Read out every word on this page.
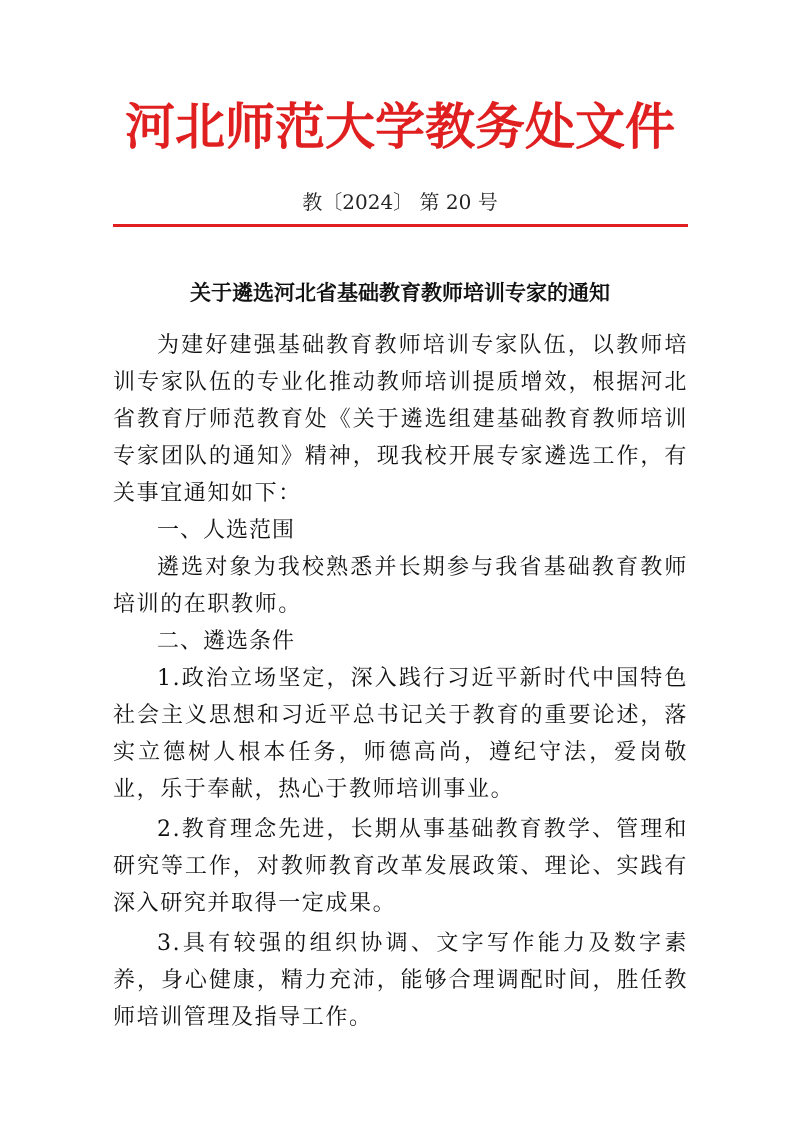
河北师范大学教务处文件
教〔2024〕 第 20 号
关于遴选河北省基础教育教师培训专家的通知

为建好建强基础教育教师培训专家队伍，以教师培训专家队伍的专业化推动教师培训提质增效，根据河北省教育厅师范教育处《关于遴选组建基础教育教师培训专家团队的通知》精神，现我校开展专家遴选工作，有关事宜通知如下：

一、人选范围

遴选对象为我校熟悉并长期参与我省基础教育教师培训的在职教师。

二、遴选条件

1.政治立场坚定，深入践行习近平新时代中国特色社会主义思想和习近平总书记关于教育的重要论述，落实立德树人根本任务，师德高尚，遵纪守法，爱岗敬业，乐于奉献，热心于教师培训事业。

2.教育理念先进，长期从事基础教育教学、管理和研究等工作，对教师教育改革发展政策、理论、实践有深入研究并取得一定成果。

3.具有较强的组织协调、文字写作能力及数字素养，身心健康，精力充沛，能够合理调配时间，胜任教师培训管理及指导工作。
